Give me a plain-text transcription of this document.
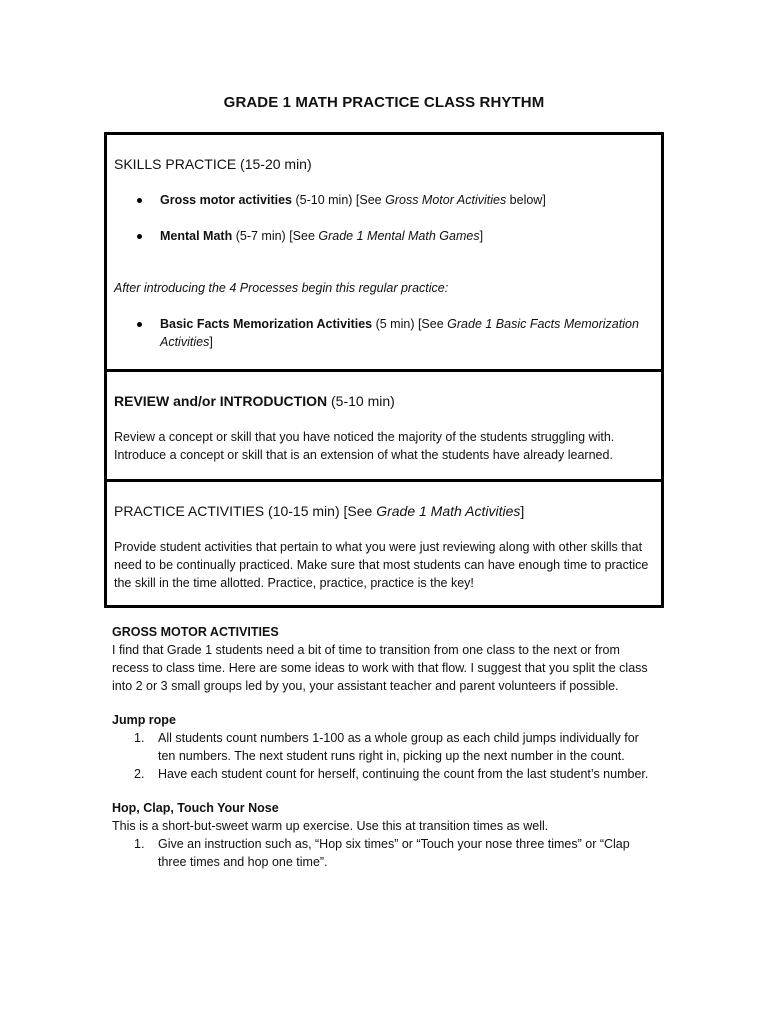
GRADE 1 MATH PRACTICE CLASS RHYTHM
SKILLS PRACTICE (15-20 min)
Gross motor activities (5-10 min) [See Gross Motor Activities below]
Mental Math (5-7 min) [See Grade 1 Mental Math Games]
After introducing the 4 Processes begin this regular practice:
Basic Facts Memorization Activities (5 min) [See Grade 1 Basic Facts Memorization Activities]
REVIEW and/or INTRODUCTION (5-10 min)
Review a concept or skill that you have noticed the majority of the students struggling with. Introduce a concept or skill that is an extension of what the students have already learned.
PRACTICE ACTIVITIES (10-15 min) [See Grade 1 Math Activities]
Provide student activities that pertain to what you were just reviewing along with other skills that need to be continually practiced. Make sure that most students can have enough time to practice the skill in the time allotted. Practice, practice, practice is the key!
GROSS MOTOR ACTIVITIES
I find that Grade 1 students need a bit of time to transition from one class to the next or from recess to class time. Here are some ideas to work with that flow. I suggest that you split the class into 2 or 3 small groups led by you, your assistant teacher and parent volunteers if possible.
Jump rope
1. All students count numbers 1-100 as a whole group as each child jumps individually for ten numbers. The next student runs right in, picking up the next number in the count.
2. Have each student count for herself, continuing the count from the last student’s number.
Hop, Clap, Touch Your Nose
This is a short-but-sweet warm up exercise. Use this at transition times as well.
1. Give an instruction such as, “Hop six times” or “Touch your nose three times” or “Clap three times and hop one time”.
